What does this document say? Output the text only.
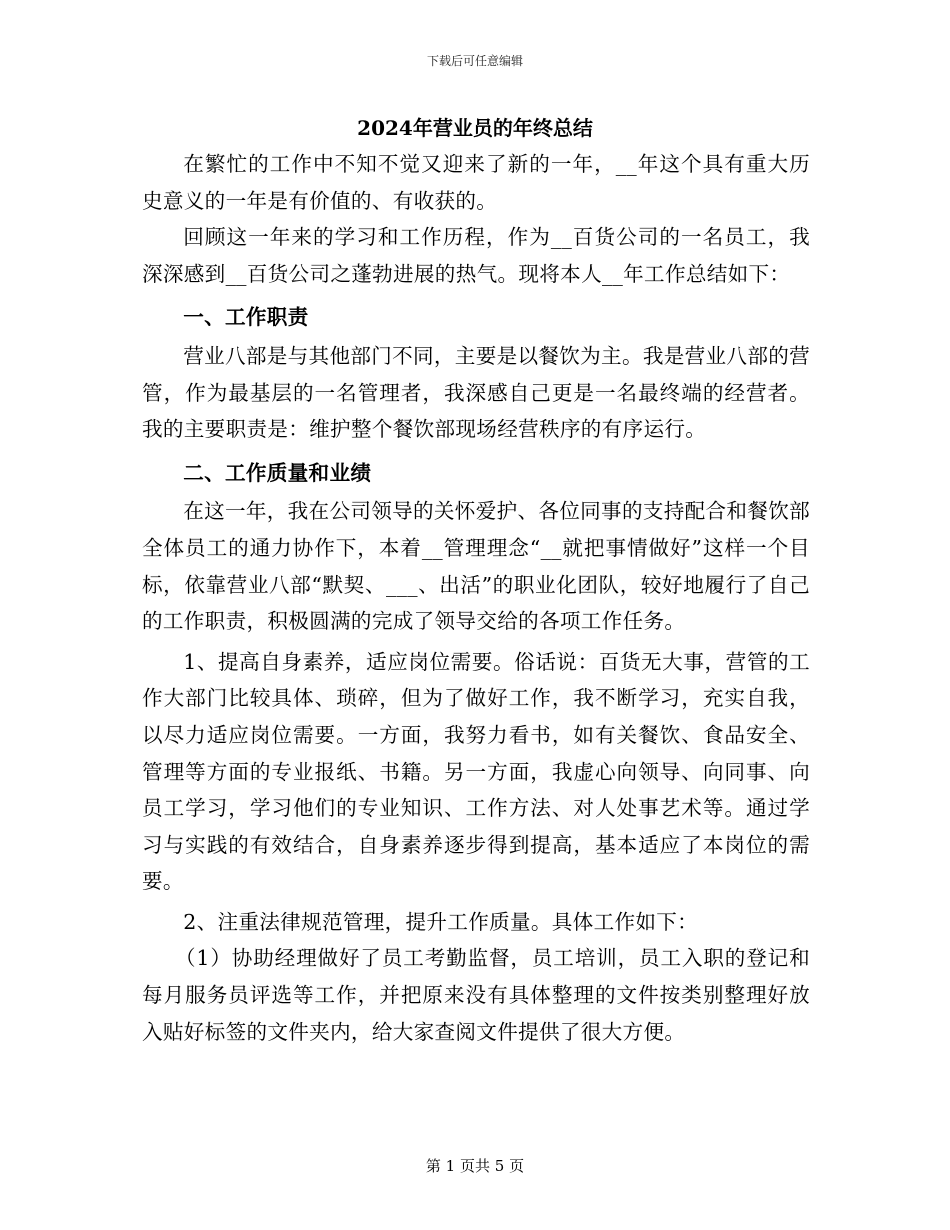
下载后可任意编辑
2024年营业员的年终总结

在繁忙的工作中不知不觉又迎来了新的一年，__年这个具有重大历史意义的一年是有价值的、有收获的。

回顾这一年来的学习和工作历程，作为__百货公司的一名员工，我深深感到__百货公司之蓬勃进展的热气。现将本人__年工作总结如下：

一、工作职责

营业八部是与其他部门不同，主要是以餐饮为主。我是营业八部的营管，作为最基层的一名管理者，我深感自己更是一名最终端的经营者。我的主要职责是：维护整个餐饮部现场经营秩序的有序运行。

二、工作质量和业绩

在这一年，我在公司领导的关怀爱护、各位同事的支持配合和餐饮部全体员工的通力协作下，本着__管理理念“__就把事情做好”这样一个目标，依靠营业八部“默契、___、出活”的职业化团队，较好地履行了自己的工作职责，积极圆满的完成了领导交给的各项工作任务。

1、提高自身素养，适应岗位需要。俗话说：百货无大事，营管的工作大部门比较具体、琐碎，但为了做好工作，我不断学习，充实自我，以尽力适应岗位需要。一方面，我努力看书，如有关餐饮、食品安全、管理等方面的专业报纸、书籍。另一方面，我虚心向领导、向同事、向员工学习，学习他们的专业知识、工作方法、对人处事艺术等。通过学习与实践的有效结合，自身素养逐步得到提高，基本适应了本岗位的需要。

2、注重法律规范管理，提升工作质量。具体工作如下：

（1）协助经理做好了员工考勤监督，员工培训，员工入职的登记和每月服务员评选等工作，并把原来没有具体整理的文件按类别整理好放入贴好标签的文件夹内，给大家查阅文件提供了很大方便。

第 1 页共 5 页
